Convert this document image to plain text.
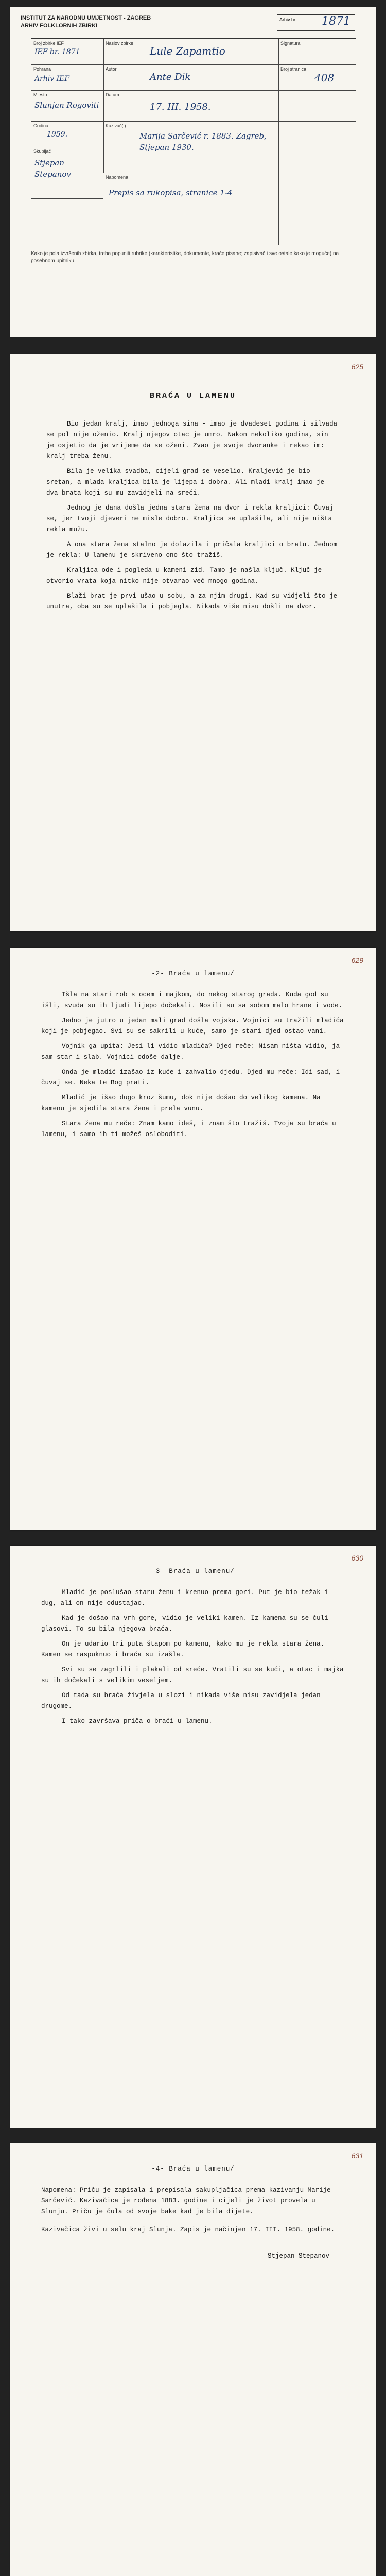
INSTITUT ZA NARODNU UMJETNOST - ZAGREB
ARHIV FOLKLORNIH ZBIRKI
Arhiv br. 1871
Broj zbirke IEF
IEF br. 1871
Naslov zbirke
Lule Zapamtio
Signatura
Pohrana
Arhiv IEF
Autor
Ante Dik
Broj stranica
408
Mjesto
Slunjan Rogoviti
Datum
17. III. 1958.
Godina
1959.
Kazivač(i)
Marija Sarčević r. 1883. Zagreb, Stjepan 1930.
Skupljač
Stjepan Stepanov	Napomena
Prepis sa rukopisa, stranice 1-4
Kako je pola izvršenih zbirka, treba popuniti rubrike (karakteristike, dokumente, kraće pisane; zapisivač i sve ostale kako je moguće) na posebnom upitniku.
625
BRAĆA U LAMENU

Bio jedan kralj, imao jednoga sina - imao je dvadeset godina i silvada se pol nije oženio. Kralj njegov otac je umro. Nakon nekoliko godina, sin je osjetio da je vrijeme da se oženi. Zvao je svoje dvoranke i rekao im: kralj treba ženu.

Bila je velika svadba, cijeli grad se veselio. Kraljević je bio sretan, a mlada kraljica bila je lijepa i dobra. Ali mladi kralj imao je dva brata koji su mu zavidjeli na sreći.

Jednog je dana došla jedna stara žena na dvor i rekla kraljici: Čuvaj se, jer tvoji djeveri ne misle dobro. Kraljica se uplašila, ali nije ništa rekla mužu.

A ona stara žena stalno je dolazila i pričala kraljici o bratu. Jednom je rekla: U lamenu je skriveno ono što tražiš.

Kraljica ode i pogleda u kameni zid. Tamo je našla ključ. Ključ je otvorio vrata koja nitko nije otvarao već mnogo godina.

Blaži brat je prvi ušao u sobu, a za njim drugi. Kad su vidjeli što je unutra, oba su se uplašila i pobjegla. Nikada više nisu došli na dvor.

629
-2- Braća u lamenu/

Išla na stari rob s ocem i majkom, do nekog starog grada. Kuda god su išli, svuda su ih ljudi lijepo dočekali. Nosili su sa sobom malo hrane i vode.

Jedno je jutro u jedan mali grad došla vojska. Vojnici su tražili mladića koji je pobjegao. Svi su se sakrili u kuće, samo je stari djed ostao vani.

Vojnik ga upita: Jesi li vidio mladića? Djed reče: Nisam ništa vidio, ja sam star i slab. Vojnici odoše dalje.

Onda je mladić izašao iz kuće i zahvalio djedu. Djed mu reče: Idi sad, i čuvaj se. Neka te Bog prati.

Mladić je išao dugo kroz šumu, dok nije došao do velikog kamena. Na kamenu je sjedila stara žena i prela vunu.

Stara žena mu reče: Znam kamo ideš, i znam što tražiš. Tvoja su braća u lamenu, i samo ih ti možeš osloboditi.

630
-3- Braća u lamenu/

Mladić je poslušao staru ženu i krenuo prema gori. Put je bio težak i dug, ali on nije odustajao.

Kad je došao na vrh gore, vidio je veliki kamen. Iz kamena su se čuli glasovi. To su bila njegova braća.

On je udario tri puta štapom po kamenu, kako mu je rekla stara žena. Kamen se raspuknuo i braća su izašla.

Svi su se zagrlili i plakali od sreće. Vratili su se kući, a otac i majka su ih dočekali s velikim veseljem.

Od tada su braća živjela u slozi i nikada više nisu zavidjela jedan drugome.

I tako završava priča o braći u lamenu.

631
-4- Braća u lamenu/

Napomena: Priču je zapisala i prepisala sakupljačica prema kazivanju Marije Sarčević. Kazivačica je rođena 1883. godine i cijeli je život provela u Slunju. Priču je čula od svoje bake kad je bila dijete.

Kazivačica živi u selu kraj Slunja. Zapis je načinjen 17. III. 1958. godine.

Stjepan Stepanov
